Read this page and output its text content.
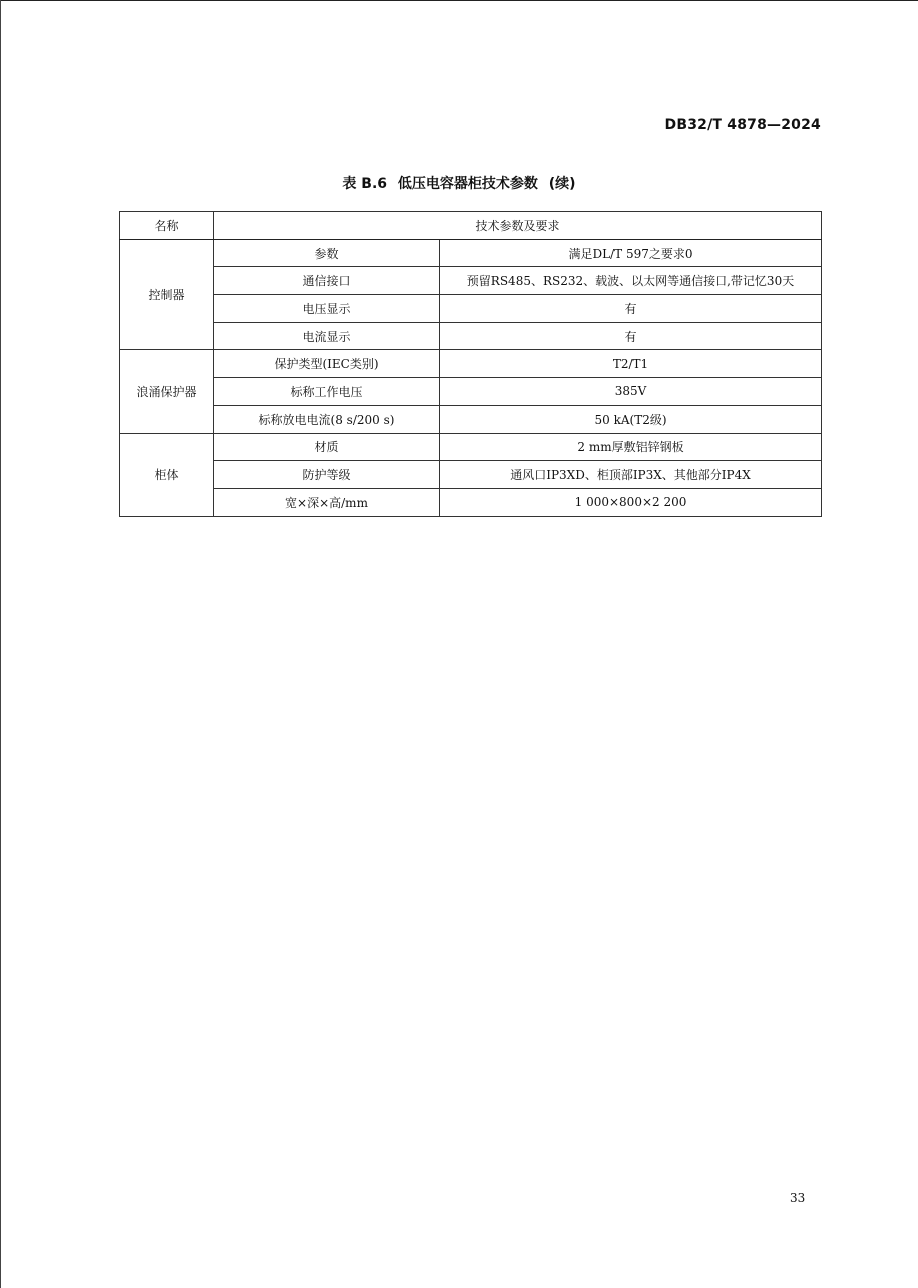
DB32/T 4878—2024
表 B.6 低压电容器柜技术参数 (续)
名称	技术参数及要求	
控制器	参数	满足DL/T 597之要求0
	通信接口	预留RS485、RS232、载波、以太网等通信接口,带记忆30天
	电压显示	有
	电流显示	有
浪涌保护器	保护类型(IEC类别)	T2/T1
	标称工作电压	385V
	标称放电电流(8 s/200 s)	50 kA(T2级)
柜体	材质	2 mm厚敷铝锌钢板
	防护等级	通风口IP3XD、柜顶部IP3X、其他部分IP4X
	宽×深×高/mm	1 000×800×2 200
33
